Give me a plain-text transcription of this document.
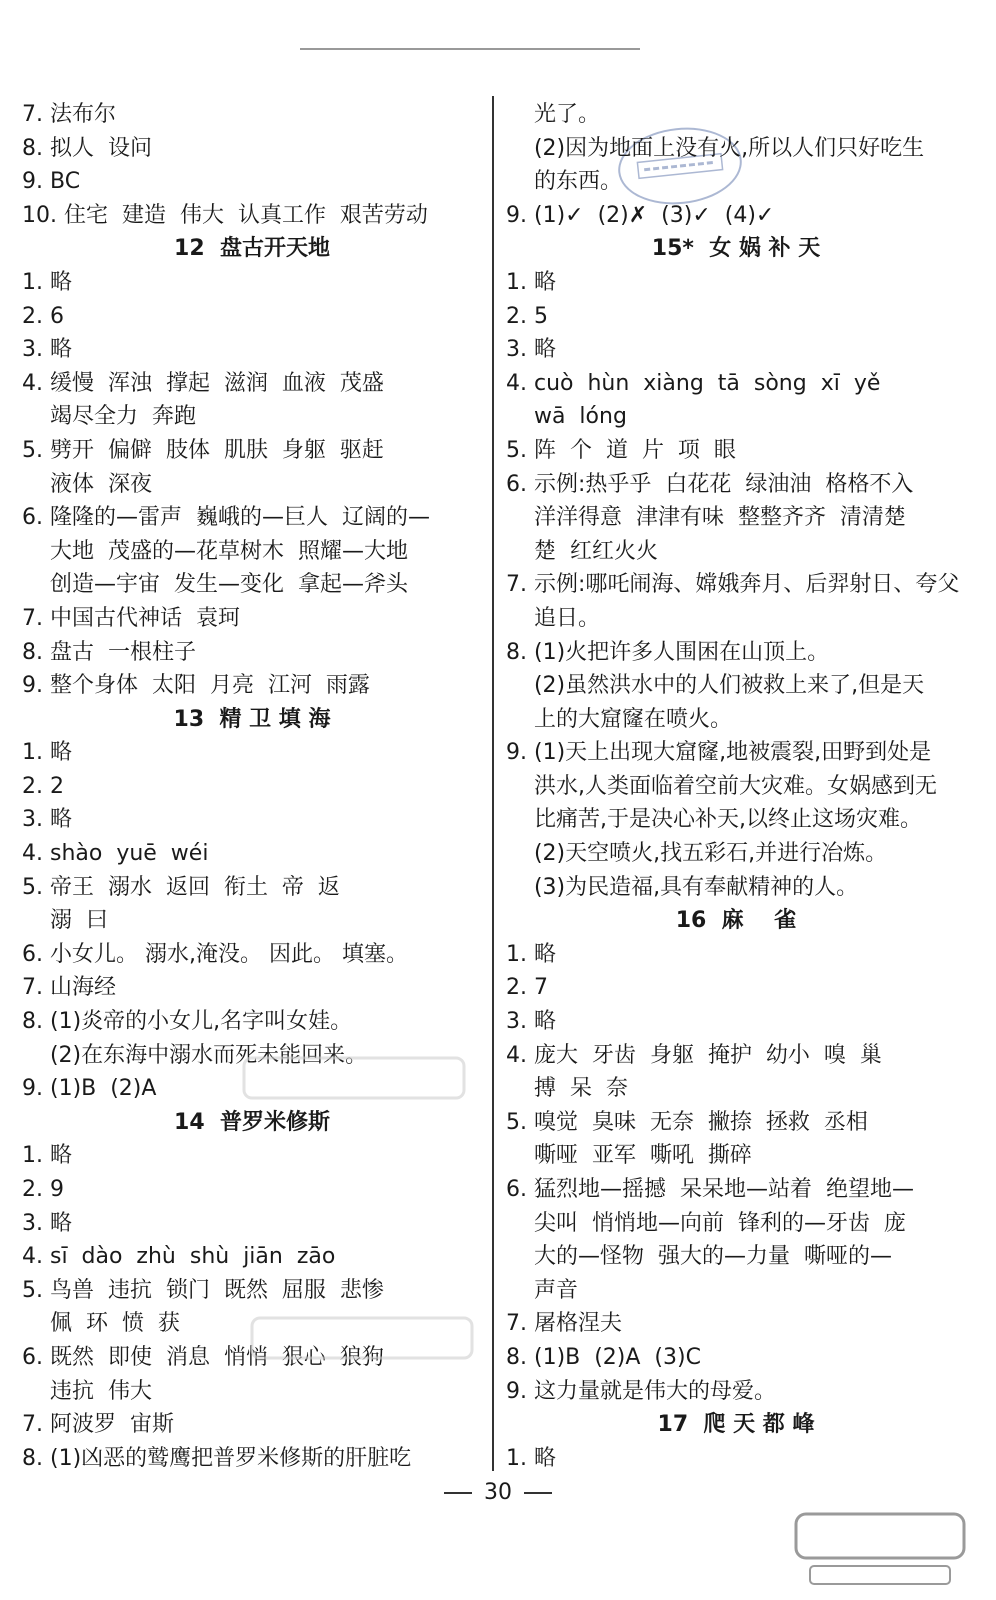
7. 法布尔
8. 拟人  设问
9. BC
10. 住宅  建造  伟大  认真工作  艰苦劳动
12  盘古开天地
1. 略
2. 6
3. 略
4. 缓慢  浑浊  撑起  滋润  血液  茂盛
竭尽全力  奔跑
5. 劈开  偏僻  肢体  肌肤  身躯  驱赶
液体  深夜
6. 隆隆的—雷声  巍峨的—巨人  辽阔的—
大地  茂盛的—花草树木  照耀—大地
创造—宇宙  发生—变化  拿起—斧头
7. 中国古代神话  袁珂
8. 盘古  一根柱子
9. 整个身体  太阳  月亮  江河  雨露
13  精 卫 填 海
1. 略
2. 2
3. 略
4. shào  yuē  wéi
5. 帝王  溺水  返回  衔土  帝  返
溺  曰
6. 小女儿。 溺水,淹没。 因此。 填塞。
7. 山海经
8. (1)炎帝的小女儿,名字叫女娃。
(2)在东海中溺水而死未能回来。
9. (1)B  (2)A
14  普罗米修斯
1. 略
2. 9
3. 略
4. sī  dào  zhù  shù  jiān  zāo
5. 鸟兽  违抗  锁门  既然  屈服  悲惨
佩  环  愤  获
6. 既然  即使  消息  悄悄  狠心  狼狗
违抗  伟大
7. 阿波罗  宙斯
8. (1)凶恶的鹫鹰把普罗米修斯的肝脏吃
光了。
(2)因为地面上没有火,所以人们只好吃生
的东西。
9. (1)✓  (2)✗  (3)✓  (4)✓
15*  女 娲 补 天
1. 略
2. 5
3. 略
4. cuò  hùn  xiàng  tā  sòng  xī  yě
wā  lóng
5. 阵  个  道  片  项  眼
6. 示例:热乎乎  白花花  绿油油  格格不入
洋洋得意  津津有味  整整齐齐  清清楚
楚  红红火火
7. 示例:哪吒闹海、嫦娥奔月、后羿射日、夸父
追日。
8. (1)火把许多人围困在山顶上。
(2)虽然洪水中的人们被救上来了,但是天
上的大窟窿在喷火。
9. (1)天上出现大窟窿,地被震裂,田野到处是
洪水,人类面临着空前大灾难。女娲感到无
比痛苦,于是决心补天,以终止这场灾难。
(2)天空喷火,找五彩石,并进行冶炼。
(3)为民造福,具有奉献精神的人。
16  麻    雀
1. 略
2. 7
3. 略
4. 庞大  牙齿  身躯  掩护  幼小  嗅  巢
搏  呆  奈
5. 嗅觉  臭味  无奈  撇捺  拯救  丞相
嘶哑  亚军  嘶吼  撕碎
6. 猛烈地—摇撼  呆呆地—站着  绝望地—
尖叫  悄悄地—向前  锋利的—牙齿  庞
大的—怪物  强大的—力量  嘶哑的—
声音
7. 屠格涅夫
8. (1)B  (2)A  (3)C
9. 这力量就是伟大的母爱。
17  爬 天 都 峰
1. 略
30
